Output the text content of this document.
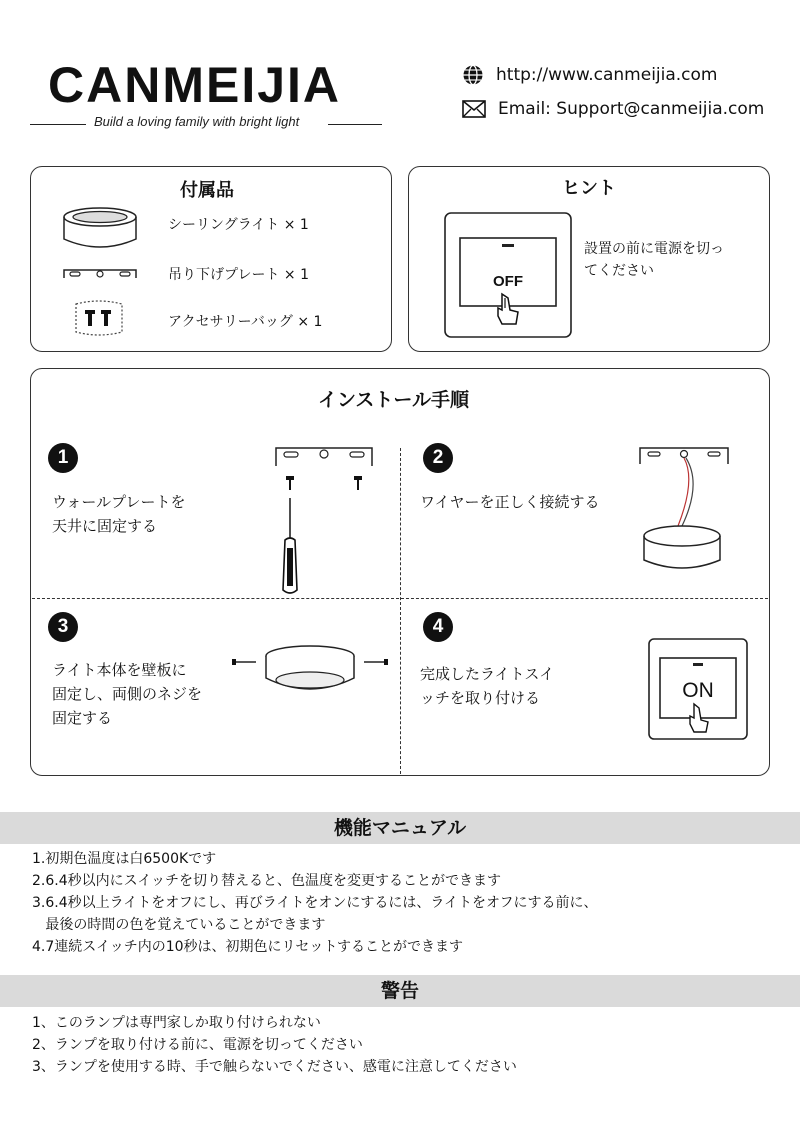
CANMEIJIA
Build a loving family with bright light
http://www.canmeijia.com
Email: Support@canmeijia.com
付属品
シーリングライト × 1
吊り下げプレート × 1
アクセサリーバッグ × 1
ヒント
OFF
設置の前に電源を切っ
てください
インストール手順
1
ウォールプレートを
天井に固定する
2
ワイヤーを正しく接続する
3
ライト本体を壁板に
固定し、両側のネジを
固定する
4
完成したライトスイ
ッチを取り付ける	ON
機能マニュアル
1.初期色温度は白6500Kです
2.6.4秒以内にスイッチを切り替えると、色温度を変更することができます
3.6.4秒以上ライトをオフにし、再びライトをオンにするには、ライトをオフにする前に、
最後の時間の色を覚えていることができます
4.7連続スイッチ内の10秒は、初期色にリセットすることができます
警告
1、このランプは専門家しか取り付けられない
2、ランプを取り付ける前に、電源を切ってください
3、ランプを使用する時、手で触らないでください、感電に注意してください
